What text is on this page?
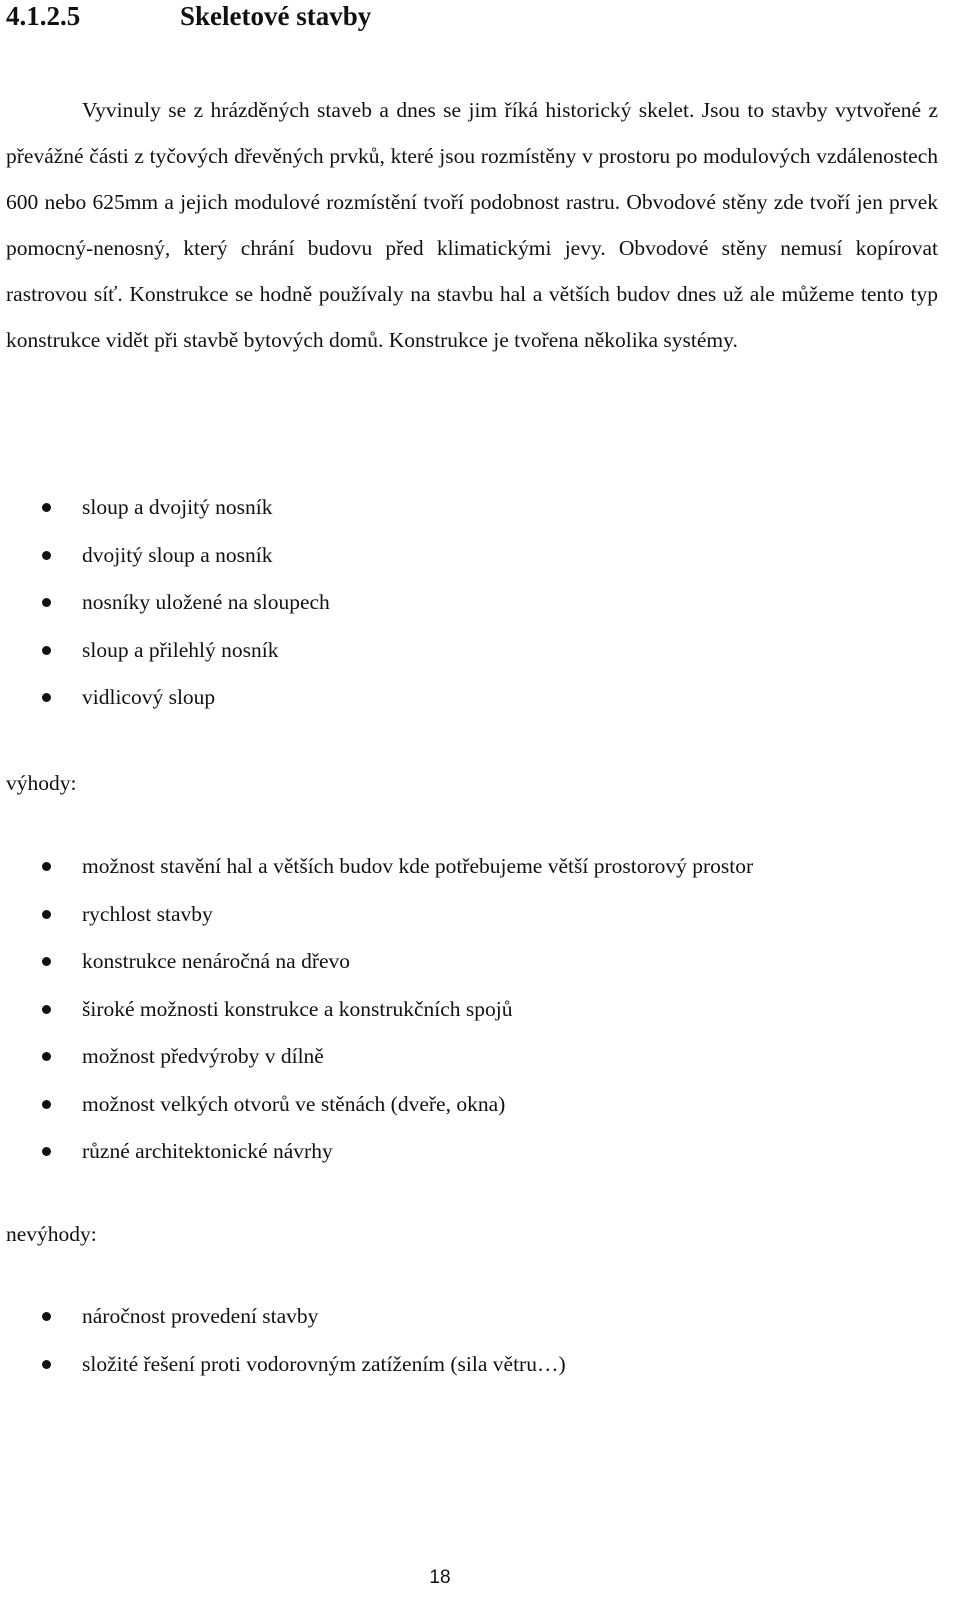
4.1.2.5	Skeletové stavby

Vyvinuly se z hrázděných staveb a dnes se jim říká historický skelet. Jsou to stavby vytvořené z převážné části z tyčových dřevěných prvků, které jsou rozmístěny v prostoru po modulových vzdálenostech 600 nebo 625mm a jejich modulové rozmístění tvoří podobnost rastru. Obvodové stěny zde tvoří jen prvek pomocný-nenosný, který chrání budovu před klimatickými jevy. Obvodové stěny nemusí kopírovat rastrovou síť. Konstrukce se hodně používaly na stavbu hal a větších budov dnes už ale můžeme tento typ konstrukce vidět při stavbě bytových domů. Konstrukce je tvořena několika systémy.

sloup a dvojitý nosník
dvojitý sloup a nosník
nosníky uložené na sloupech
sloup a přilehlý nosník
vidlicový sloup
výhody:
možnost stavění hal a větších budov kde potřebujeme větší prostorový prostor
rychlost stavby
konstrukce nenáročná na dřevo
široké možnosti konstrukce a konstrukčních spojů
možnost předvýroby v dílně
možnost velkých otvorů ve stěnách (dveře, okna)
různé architektonické návrhy
nevýhody:
náročnost provedení stavby
složité řešení proti vodorovným zatížením (sila větru…)
18
